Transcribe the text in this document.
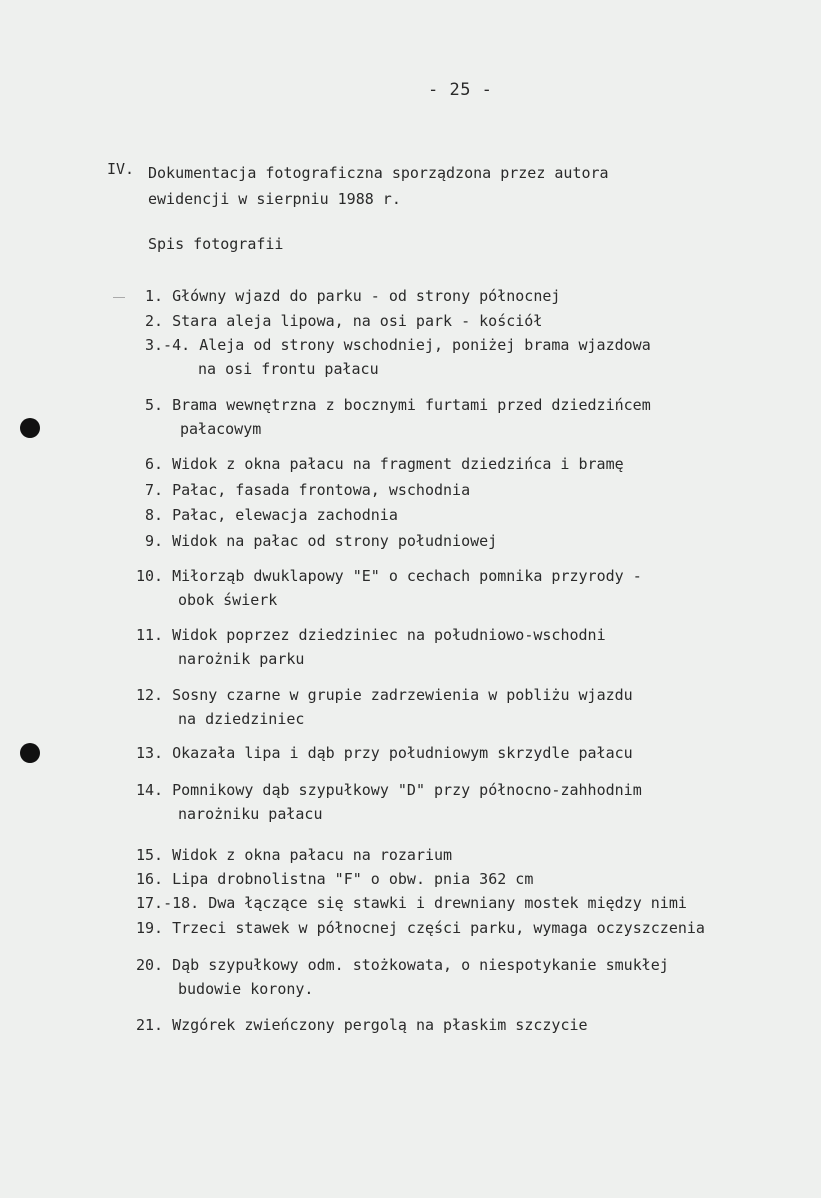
- 25 -
IV. Dokumentacja fotograficzna sporządzona przez autora
ewidencji w sierpniu 1988 r.
Spis fotografii
1. Główny wjazd do parku - od strony północnej
2. Stara aleja lipowa, na osi park - kościół
3.-4. Aleja od strony wschodniej, poniżej brama wjazdowa
na osi frontu pałacu
5. Brama wewnętrzna z bocznymi furtami przed dziedzińcem
pałacowym
6. Widok z okna pałacu na fragment dziedzińca i bramę
7. Pałac, fasada frontowa, wschodnia
8. Pałac, elewacja zachodnia
9. Widok na pałac od strony południowej
10. Miłorząb dwuklapowy "E" o cechach pomnika przyrody -
obok świerk
11. Widok poprzez dziedziniec na południowo-wschodni
narożnik parku
12. Sosny czarne w grupie zadrzewienia w pobliżu wjazdu
na dziedziniec
13. Okazała lipa i dąb przy południowym skrzydle pałacu
14. Pomnikowy dąb szypułkowy "D" przy północno-zahhodnim
narożniku pałacu
15. Widok z okna pałacu na rozarium
16. Lipa drobnolistna "F" o obw. pnia 362 cm
17.-18. Dwa łączące się stawki i drewniany mostek między nimi
19. Trzeci stawek w północnej części parku, wymaga oczyszczenia
20. Dąb szypułkowy odm. stożkowata, o niespotykanie smukłej
budowie korony.
21. Wzgórek zwieńczony pergolą na płaskim szczycie
